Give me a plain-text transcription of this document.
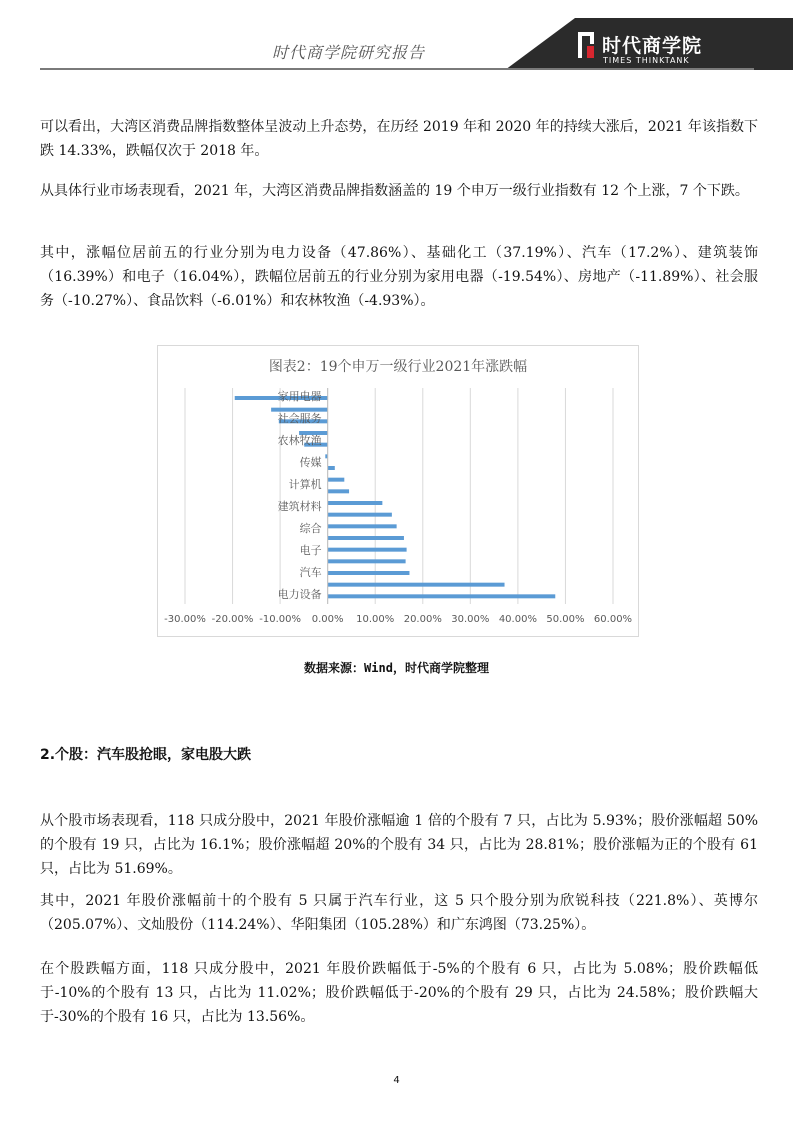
时代商学院研究报告	时代商学院
TIMES THINKTANK

可以看出，大湾区消费品牌指数整体呈波动上升态势，在历经 2019 年和 2020 年的持续大涨后，2021 年该指数下跌 14.33%，跌幅仅次于 2018 年。

从具体行业市场表现看，2021 年，大湾区消费品牌指数涵盖的 19 个申万一级行业指数有 12 个上涨，7 个下跌。

其中，涨幅位居前五的行业分别为电力设备（47.86%）、基础化工（37.19%）、汽车（17.2%）、建筑装饰（16.39%）和电子（16.04%），跌幅位居前五的行业分别为家用电器（-19.54%）、房地产（-11.89%）、社会服务（-10.27%）、食品饮料（-6.01%）和农林牧渔（-4.93%）。

图表2：19个申万一级行业2021年涨跌幅
-30.00% -20.00% -10.00% 0.00% 10.00% 20.00% 30.00% 40.00% 50.00% 60.00%
家用电器
社会服务
农林牧渔
传媒
计算机
建筑材料
综合
电子
汽车
电力设备
数据来源：Wind，时代商学院整理
2.个股：汽车股抢眼，家电股大跌

从个股市场表现看，118 只成分股中，2021 年股价涨幅逾 1 倍的个股有 7 只，占比为 5.93%；股价涨幅超 50%的个股有 19 只，占比为 16.1%；股价涨幅超 20%的个股有 34 只，占比为 28.81%；股价涨幅为正的个股有 61 只，占比为 51.69%。

其中，2021 年股价涨幅前十的个股有 5 只属于汽车行业，这 5 只个股分别为欣锐科技（221.8%）、英博尔（205.07%）、文灿股份（114.24%）、华阳集团（105.28%）和广东鸿图（73.25%）。

在个股跌幅方面，118 只成分股中，2021 年股价跌幅低于-5%的个股有 6 只，占比为 5.08%；股价跌幅低于-10%的个股有 13 只，占比为 11.02%；股价跌幅低于-20%的个股有 29 只，占比为 24.58%；股价跌幅大于-30%的个股有 16 只，占比为 13.56%。

4
